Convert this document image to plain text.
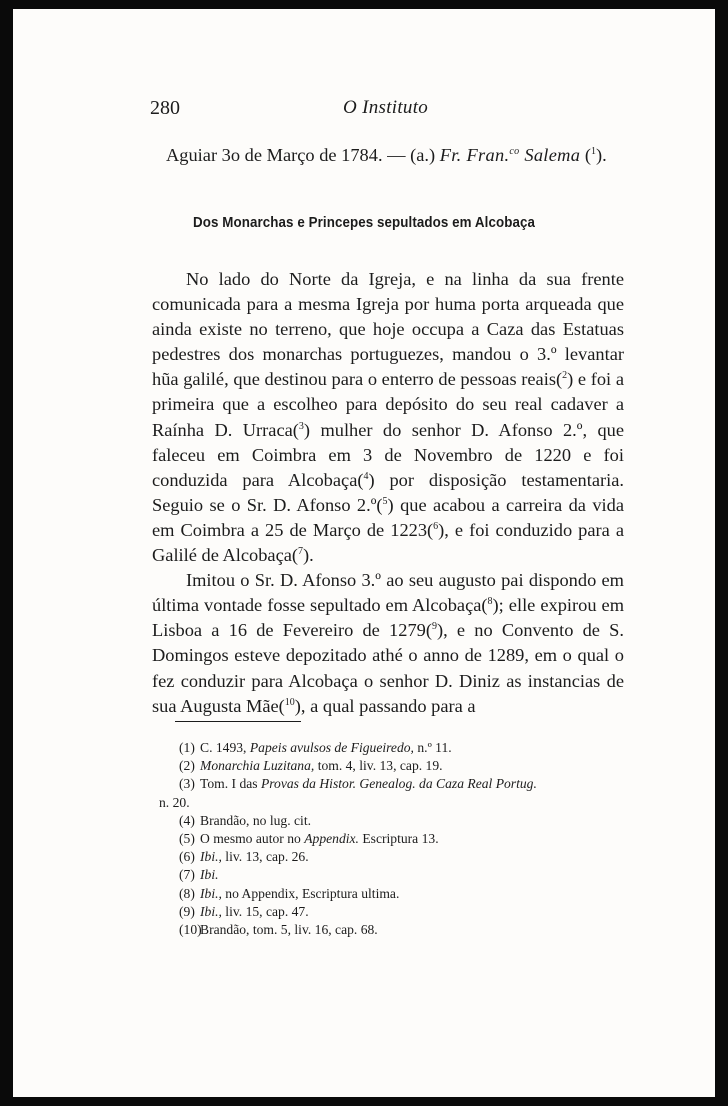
280	O Instituto
Aguiar 3o de Março de 1784. — (a.) Fr. Fran.$^{co}$ Salema ($^1$).
Dos Monarchas e Princepes sepultados em Alcobaça

No lado do Norte da Igreja, e na linha da sua frente comunicada para a mesma Igreja por huma porta arqueada que ainda existe no terreno, que hoje occupa a Caza das Estatuas pedestres dos monarchas portuguezes, mandou o 3.º levantar hũa galilé, que destinou para o enterro de pessoas reais($^2$) e foi a primeira que a escolheo para depósito do seu real cadaver a Raínha D. Urraca($^3$) mulher do senhor D. Afonso 2.º, que faleceu em Coimbra em 3 de Novembro de 1220 e foi conduzida para Alcobaça($^4$) por disposição testamentaria. Seguio se o Sr. D. Afonso 2.º($^5$) que acabou a carreira da vida em Coimbra a 25 de Março de 1223($^6$), e foi conduzido para a Galilé de Alcobaça($^7$).

Imitou o Sr. D. Afonso 3.º ao seu augusto pai dispondo em última vontade fosse sepultado em Alcobaça($^8$); elle expirou em Lisboa a 16 de Fevereiro de 1279($^9$), e no Convento de S. Domingos esteve depozitado athé o anno de 1289, em o qual o fez conduzir para Alcobaça o senhor D. Diniz as instancias de sua Augusta Mãe($^{10}$), a qual passando para a

(1) C. 1493, Papeis avulsos de Figueiredo, n.º 11.
(2) Monarchia Luzitana, tom. 4, liv. 13, cap. 19.
(3) Tom. I das Provas da Histor. Genealog. da Caza Real Portug.
n. 20.
(4) Brandão, no lug. cit.
(5) O mesmo autor no Appendix. Escriptura 13.
(6) Ibi., liv. 13, cap. 26.
(7) Ibi.
(8) Ibi., no Appendix, Escriptura ultima.
(9) Ibi., liv. 15, cap. 47.
(10)Brandão, tom. 5, liv. 16, cap. 68.
